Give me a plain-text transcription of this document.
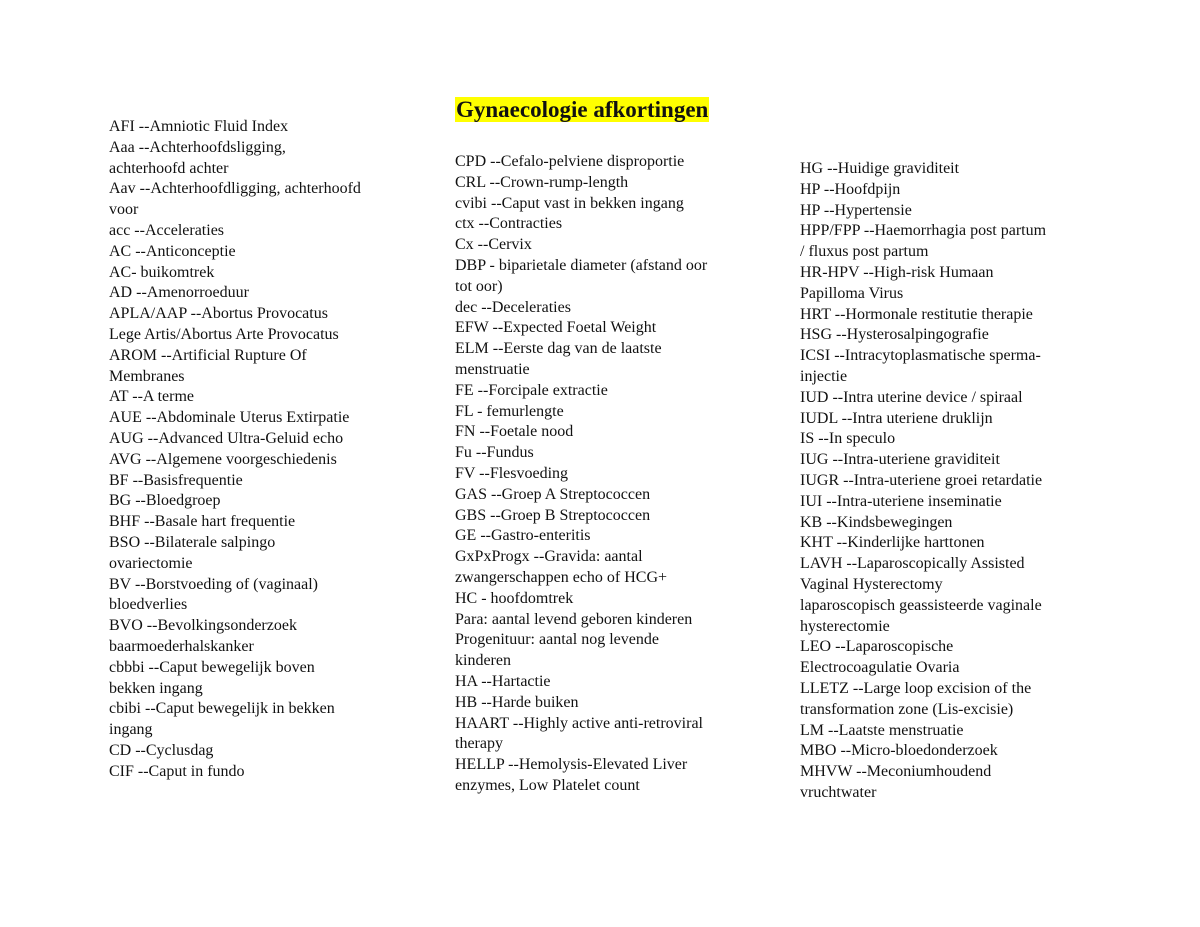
Gynaecologie afkortingen
AFI --Amniotic Fluid Index
Aaa --Achterhoofdsligging,
achterhoofd achter
Aav --Achterhoofdligging, achterhoofd
voor
acc --Acceleraties
AC --Anticonceptie
AC- buikomtrek
AD --Amenorroeduur
APLA/AAP --Abortus Provocatus
Lege Artis/Abortus Arte Provocatus
AROM --Artificial Rupture Of
Membranes
AT --A terme
AUE --Abdominale Uterus Extirpatie
AUG --Advanced Ultra-Geluid echo
AVG --Algemene voorgeschiedenis
BF --Basisfrequentie
BG --Bloedgroep
BHF --Basale hart frequentie
BSO --Bilaterale salpingo
ovariectomie
BV --Borstvoeding of (vaginaal)
bloedverlies
BVO --Bevolkingsonderzoek
baarmoederhalskanker
cbbbi --Caput bewegelijk boven
bekken ingang
cbibi --Caput bewegelijk in bekken
ingang
CD --Cyclusdag
CIF --Caput in fundo
CPD --Cefalo-pelviene disproportie
CRL --Crown-rump-length
cvibi --Caput vast in bekken ingang
ctx --Contracties
Cx --Cervix
DBP - biparietale diameter (afstand oor
tot oor)
dec --Deceleraties
EFW --Expected Foetal Weight
ELM --Eerste dag van de laatste
menstruatie
FE --Forcipale extractie
FL - femurlengte
FN --Foetale nood
Fu --Fundus
FV --Flesvoeding
GAS --Groep A Streptococcen
GBS --Groep B Streptococcen
GE --Gastro-enteritis
GxPxProgx --Gravida: aantal
zwangerschappen echo of HCG+
HC - hoofdomtrek
Para: aantal levend geboren kinderen
Progenituur: aantal nog levende
kinderen
HA --Hartactie
HB --Harde buiken
HAART --Highly active anti-retroviral
therapy
HELLP --Hemolysis-Elevated Liver
enzymes, Low Platelet count
HG --Huidige graviditeit
HP --Hoofdpijn
HP --Hypertensie
HPP/FPP --Haemorrhagia post partum
/ fluxus post partum
HR-HPV --High-risk Humaan
Papilloma Virus
HRT --Hormonale restitutie therapie
HSG --Hysterosalpingografie
ICSI --Intracytoplasmatische sperma-
injectie
IUD --Intra uterine device / spiraal
IUDL --Intra uteriene druklijn
IS --In speculo
IUG --Intra-uteriene graviditeit
IUGR --Intra-uteriene groei retardatie
IUI --Intra-uteriene inseminatie
KB --Kindsbewegingen
KHT --Kinderlijke harttonen
LAVH --Laparoscopically Assisted
Vaginal Hysterectomy
laparoscopisch geassisteerde vaginale
hysterectomie
LEO --Laparoscopische
Electrocoagulatie Ovaria
LLETZ --Large loop excision of the
transformation zone (Lis-excisie)
LM --Laatste menstruatie
MBO --Micro-bloedonderzoek
MHVW --Meconiumhoudend
vruchtwater
